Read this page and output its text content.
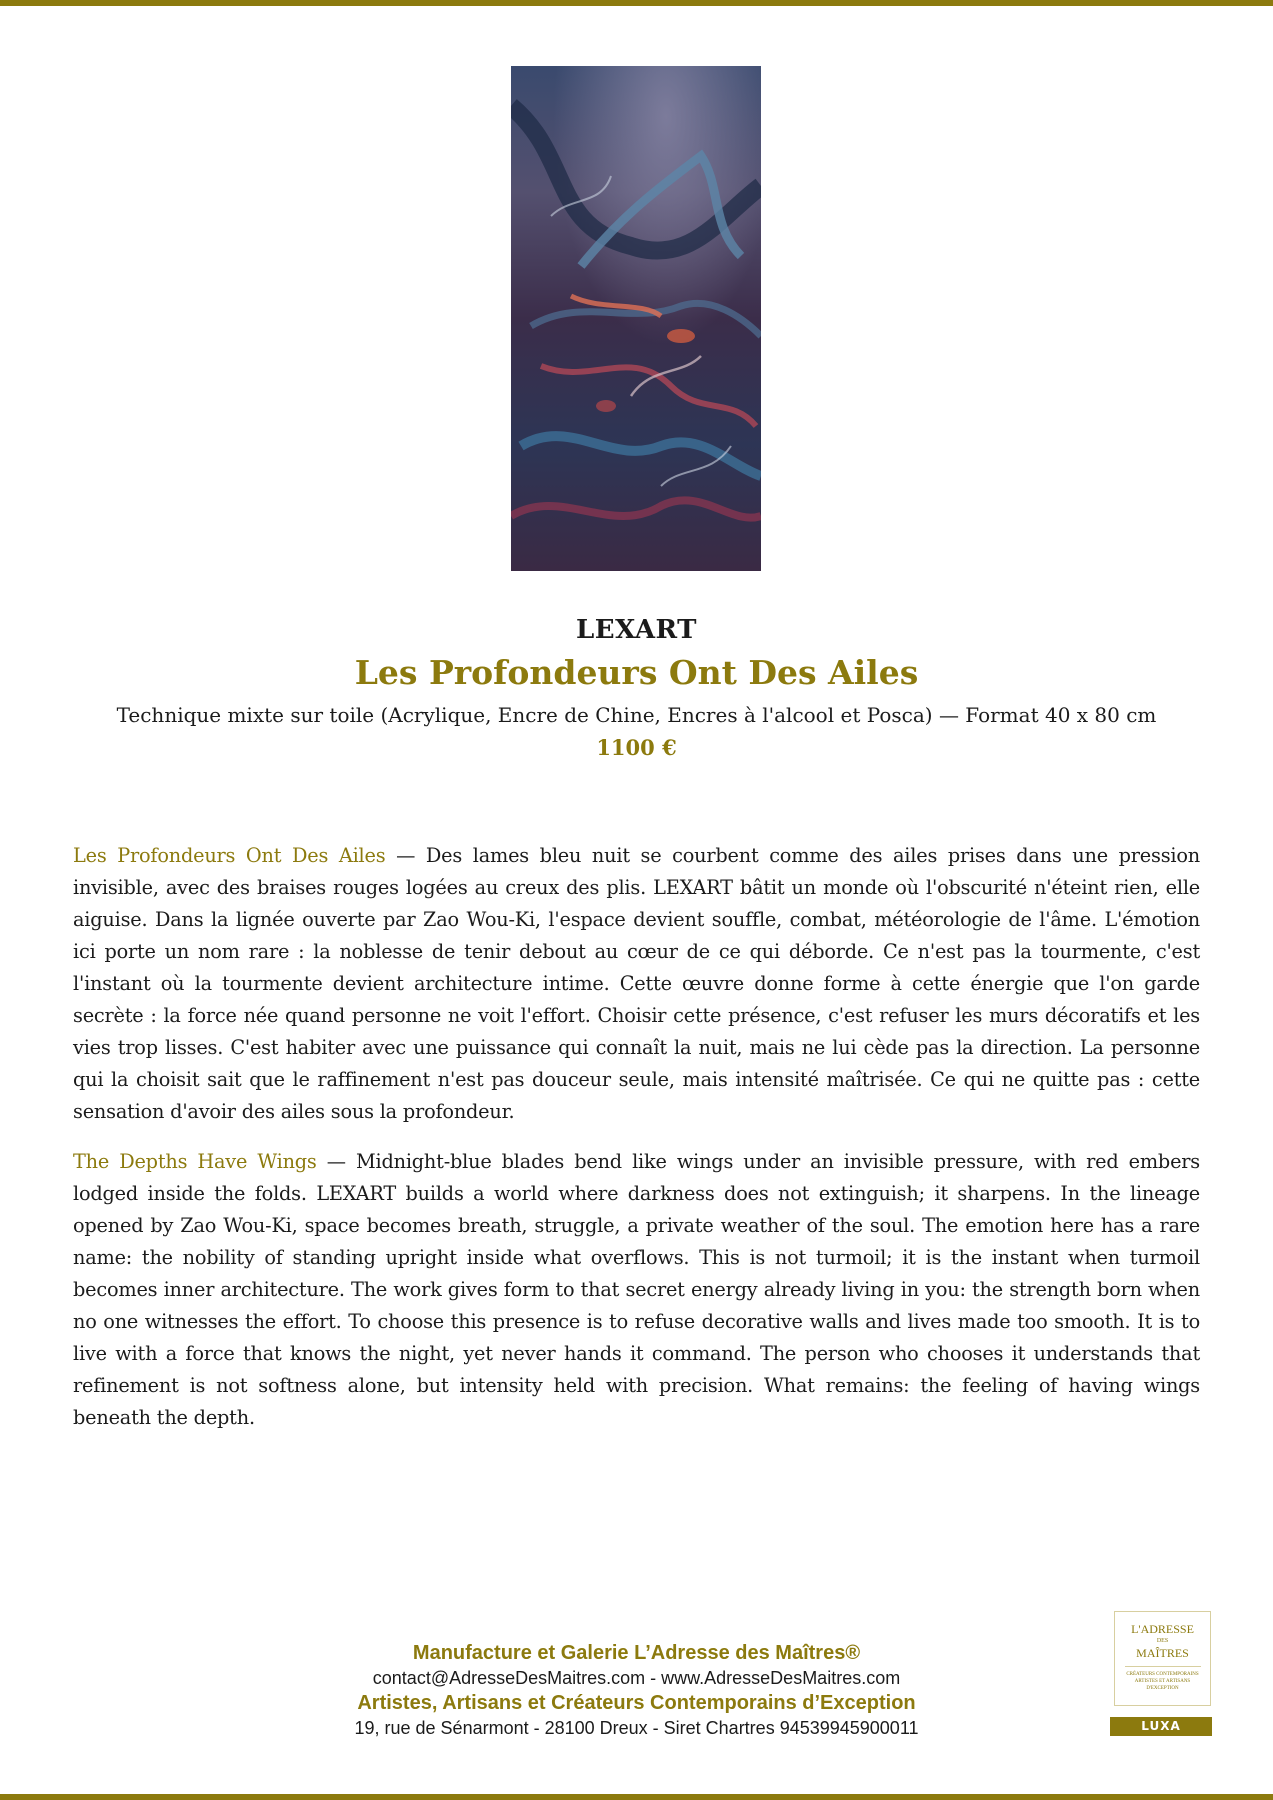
LEXART
Les Profondeurs Ont Des Ailes
Technique mixte sur toile (Acrylique, Encre de Chine, Encres à l'alcool et Posca) — Format 40 x 80 cm
1100 €

Les Profondeurs Ont Des Ailes — Des lames bleu nuit se courbent comme des ailes prises dans une pression invisible, avec des braises rouges logées au creux des plis. LEXART bâtit un monde où l'obscurité n'éteint rien, elle aiguise. Dans la lignée ouverte par Zao Wou-Ki, l'espace devient souffle, combat, météorologie de l'âme. L'émotion ici porte un nom rare : la noblesse de tenir debout au cœur de ce qui déborde. Ce n'est pas la tourmente, c'est l'instant où la tourmente devient architecture intime. Cette œuvre donne forme à cette énergie que l'on garde secrète : la force née quand personne ne voit l'effort. Choisir cette présence, c'est refuser les murs décoratifs et les vies trop lisses. C'est habiter avec une puissance qui connaît la nuit, mais ne lui cède pas la direction. La personne qui la choisit sait que le raffinement n'est pas douceur seule, mais intensité maîtrisée. Ce qui ne quitte pas : cette sensation d'avoir des ailes sous la profondeur.

The Depths Have Wings — Midnight-blue blades bend like wings under an invisible pressure, with red embers lodged inside the folds. LEXART builds a world where darkness does not extinguish; it sharpens. In the lineage opened by Zao Wou-Ki, space becomes breath, struggle, a private weather of the soul. The emotion here has a rare name: the nobility of standing upright inside what overflows. This is not turmoil; it is the instant when turmoil becomes inner architecture. The work gives form to that secret energy already living in you: the strength born when no one witnesses the effort. To choose this presence is to refuse decorative walls and lives made too smooth. It is to live with a force that knows the night, yet never hands it command. The person who chooses it understands that refinement is not softness alone, but intensity held with precision. What remains: the feeling of having wings beneath the depth.

Manufacture et Galerie L’Adresse des Maîtres®
contact@AdresseDesMaitres.com - www.AdresseDesMaitres.com
Artistes, Artisans et Créateurs Contemporains d’Exception
19, rue de Sénarmont - 28100 Dreux - Siret Chartres 94539945900011
L'ADRESSE
DES
MAÎTRES
CRÉATEURS CONTEMPORAINS ARTISTES ET ARTISANS D'EXCEPTION
LUXA
